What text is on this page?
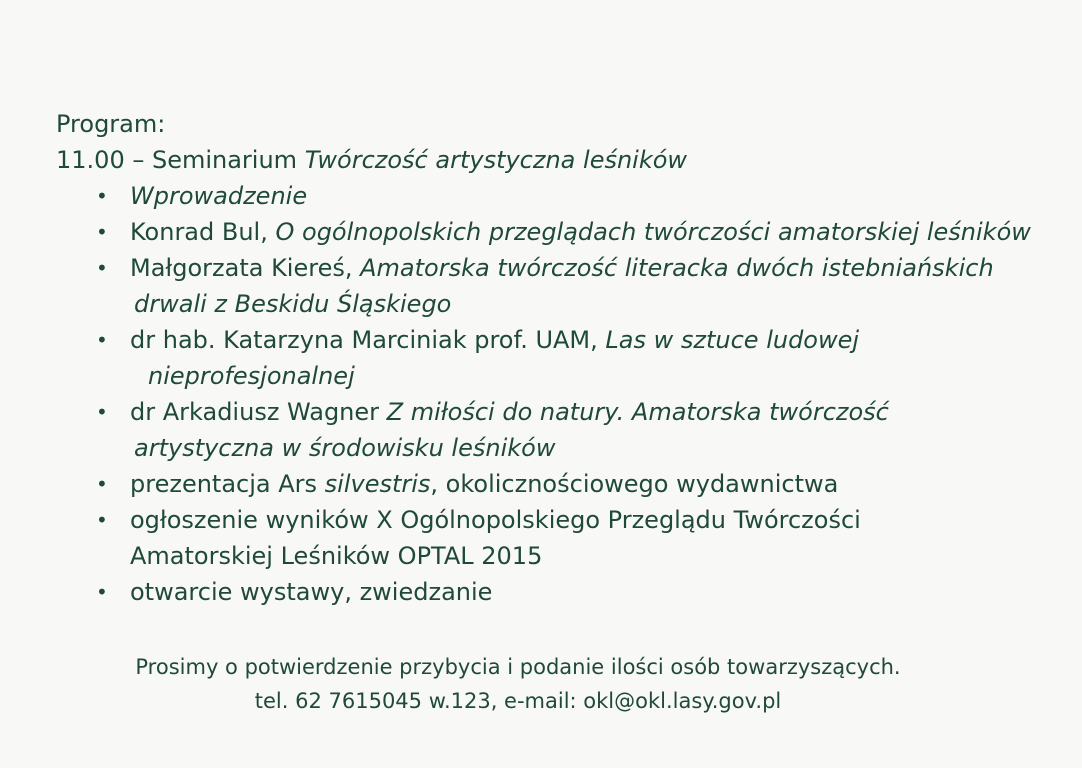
Program:
11.00 – Seminarium Twórczość artystyczna leśników
• Wprowadzenie
• Konrad Bul, O ogólnopolskich przeglądach twórczości amatorskiej leśników
• Małgorzata Kiereś, Amatorska twórczość literacka dwóch istebniańskich
drwali z Beskidu Śląskiego
• dr hab. Katarzyna Marciniak prof. UAM, Las w sztuce ludowej
nieprofesjonalnej
• dr Arkadiusz Wagner Z miłości do natury. Amatorska twórczość
artystyczna w środowisku leśników
• prezentacja Ars silvestris, okolicznościowego wydawnictwa
• ogłoszenie wyników X Ogólnopolskiego Przeglądu Twórczości
Amatorskiej Leśników OPTAL 2015
• otwarcie wystawy, zwiedzanie
Prosimy o potwierdzenie przybycia i podanie ilości osób towarzyszących.
tel. 62 7615045 w.123, e-mail: okl@okl.lasy.gov.pl
